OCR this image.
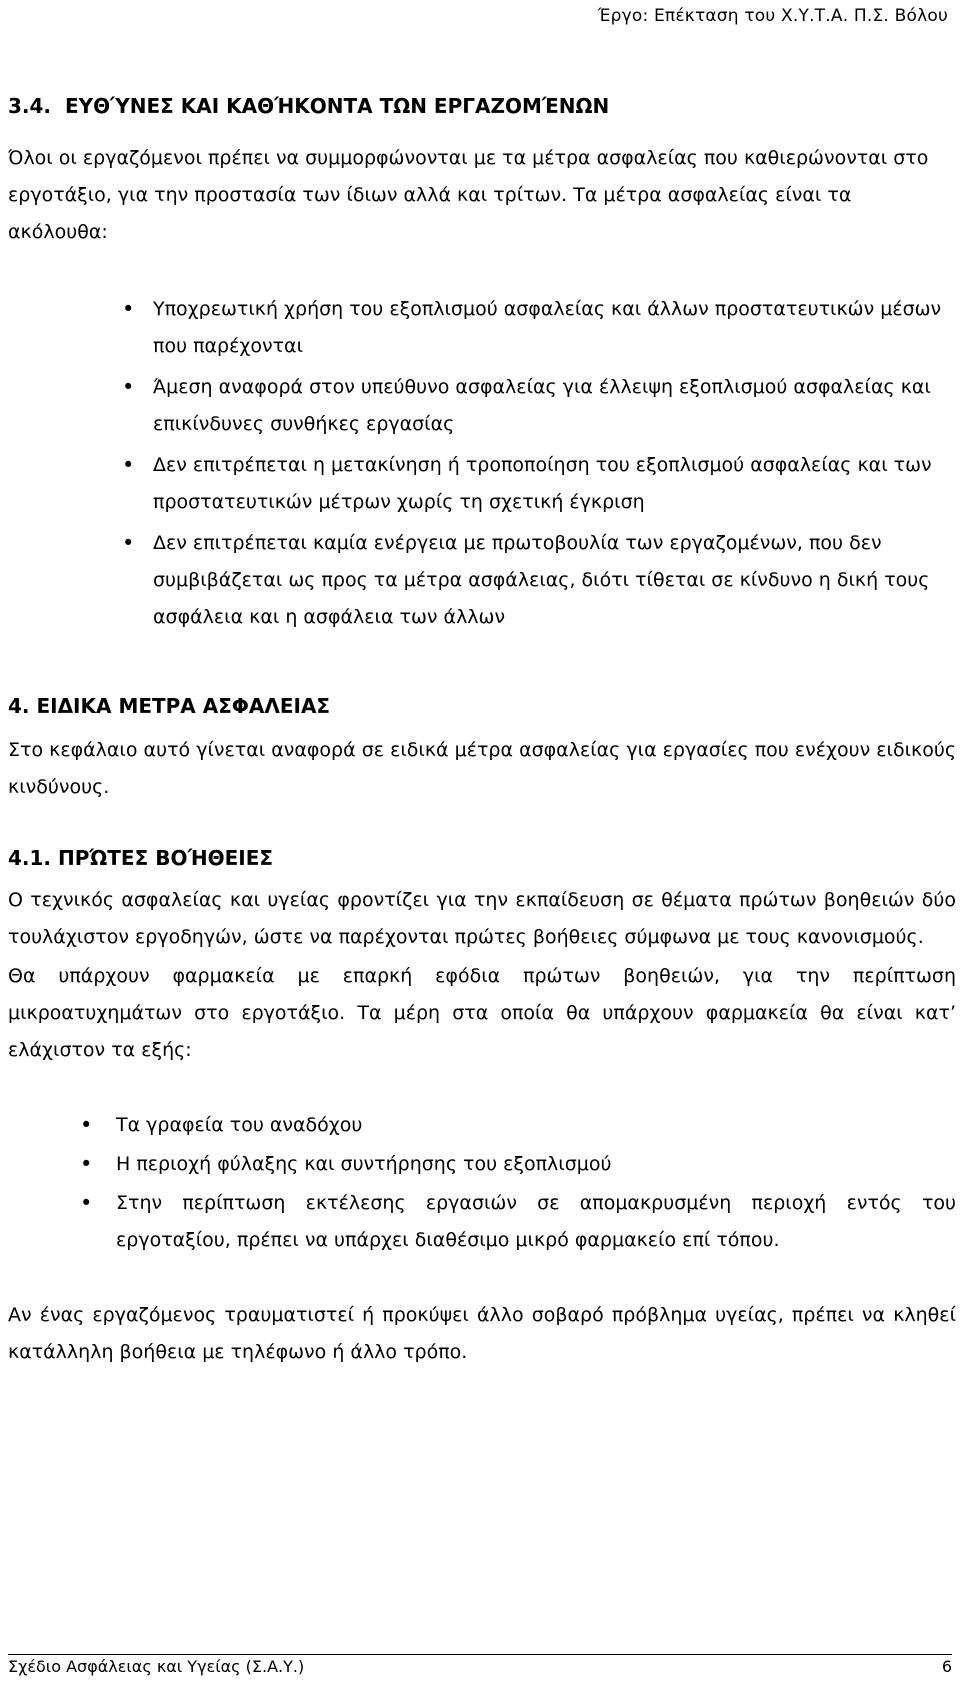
Έργο: Επέκταση του Χ.Υ.Τ.Α. Π.Σ. Βόλου
3.4.  ΕΥΘΎΝΕΣ ΚΑΙ ΚΑΘΉΚΟΝΤΑ ΤΩΝ ΕΡΓΑΖΟΜΈΝΩΝ

Όλοι οι εργαζόμενοι πρέπει να συμμορφώνονται με τα μέτρα ασφαλείας που καθιερώνονται στο εργοτάξιο, για την προστασία των ίδιων αλλά και τρίτων. Τα μέτρα ασφαλείας είναι τα ακόλουθα:

• Υποχρεωτική χρήση του εξοπλισμού ασφαλείας και άλλων προστατευτικών μέσων που παρέχονται
• Άμεση αναφορά στον υπεύθυνο ασφαλείας για έλλειψη εξοπλισμού ασφαλείας και επικίνδυνες συνθήκες εργασίας
• Δεν επιτρέπεται η μετακίνηση ή τροποποίηση του εξοπλισμού ασφαλείας και των προστατευτικών μέτρων χωρίς τη σχετική έγκριση
• Δεν επιτρέπεται καμία ενέργεια με πρωτοβουλία των εργαζομένων, που δεν συμβιβάζεται ως προς τα μέτρα ασφάλειας, διότι τίθεται σε κίνδυνο η δική τους ασφάλεια και η ασφάλεια των άλλων
4. ΕΙΔΙΚΑ ΜΕΤΡΑ ΑΣΦΑΛΕΙΑΣ

Στο κεφάλαιο αυτό γίνεται αναφορά σε ειδικά μέτρα ασφαλείας για εργασίες που ενέχουν ειδικούς κινδύνους.

4.1. ΠΡΏΤΕΣ ΒΟΉΘΕΙΕΣ

Ο τεχνικός ασφαλείας και υγείας φροντίζει για την εκπαίδευση σε θέματα πρώτων βοηθειών δύο τουλάχιστον εργοδηγών, ώστε να παρέχονται πρώτες βοήθειες σύμφωνα με τους κανονισμούς.

Θα υπάρχουν φαρμακεία με επαρκή εφόδια πρώτων βοηθειών, για την περίπτωση μικροατυχημάτων στο εργοτάξιο. Τα μέρη στα οποία θα υπάρχουν φαρμακεία θα είναι κατ’ ελάχιστον τα εξής:

• Τα γραφεία του αναδόχου
• Η περιοχή φύλαξης και συντήρησης του εξοπλισμού
• Στην περίπτωση εκτέλεσης εργασιών σε απομακρυσμένη περιοχή εντός του εργοταξίου, πρέπει να υπάρχει διαθέσιμο μικρό φαρμακείο επί τόπου.

Αν ένας εργαζόμενος τραυματιστεί ή προκύψει άλλο σοβαρό πρόβλημα υγείας, πρέπει να κληθεί κατάλληλη βοήθεια με τηλέφωνο ή άλλο τρόπο.

Σχέδιο Ασφάλειας και Υγείας (Σ.Α.Υ.)	6
